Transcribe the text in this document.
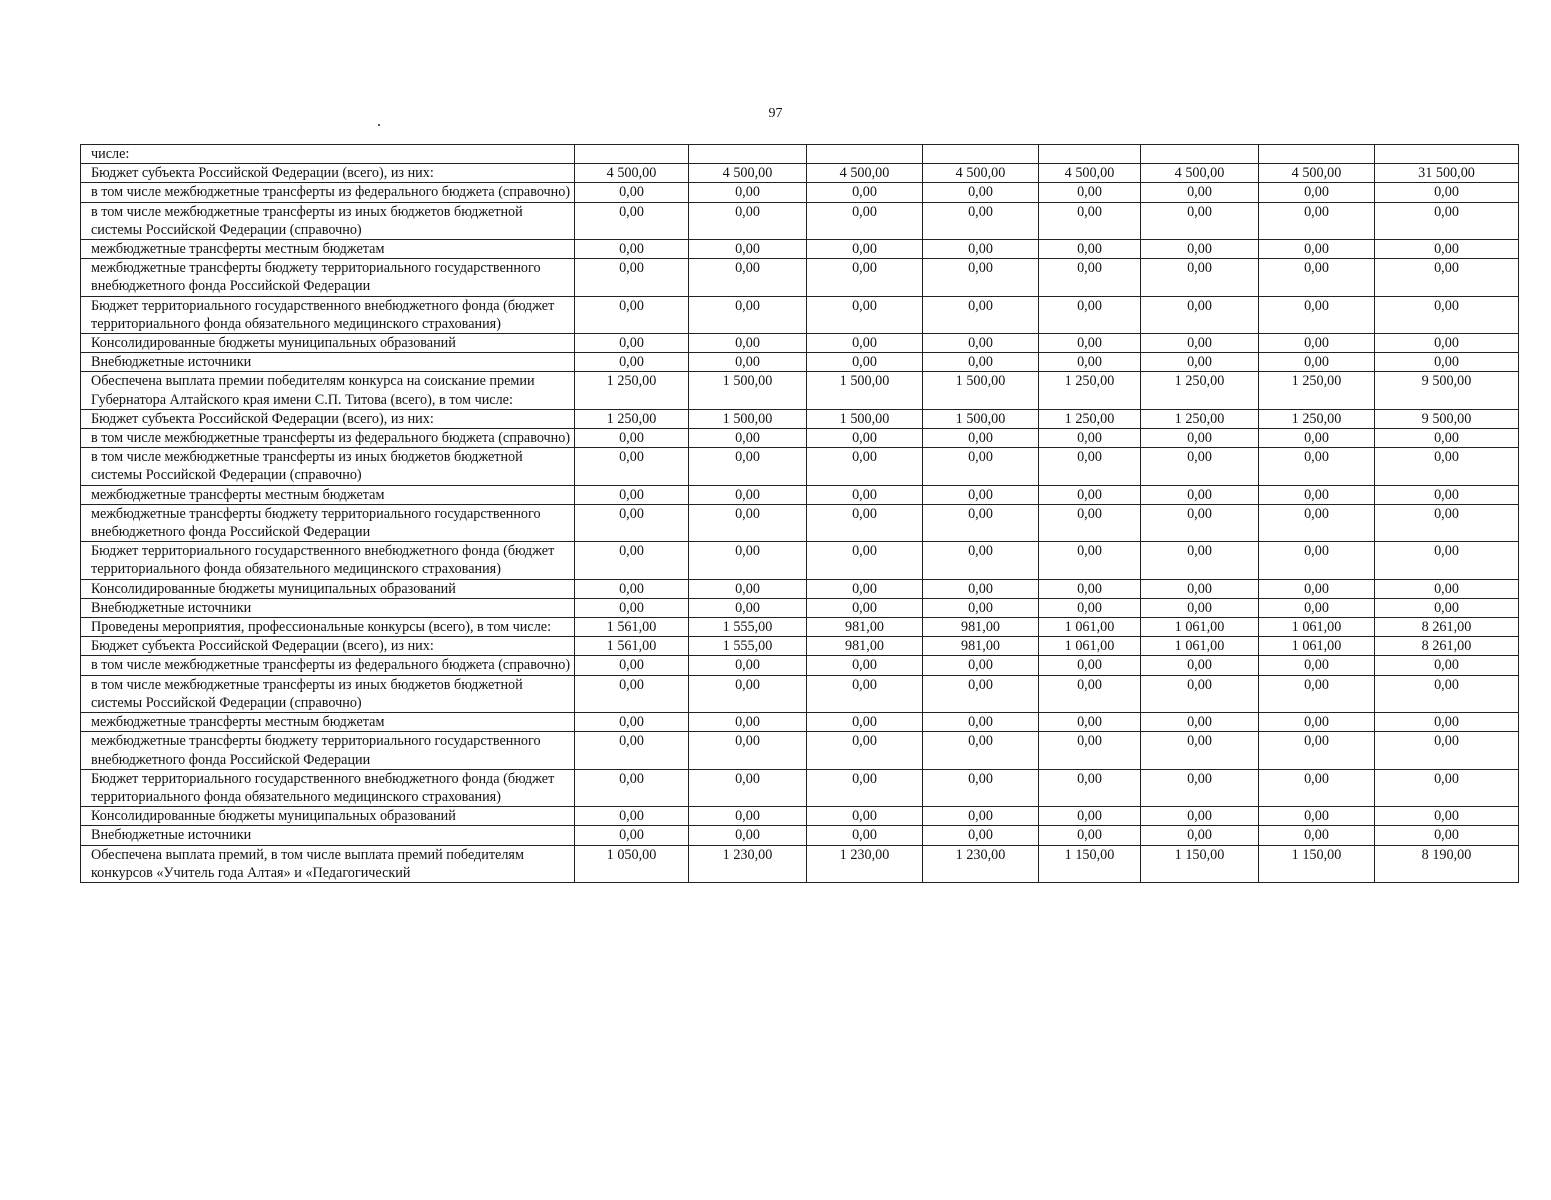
97
числе:								
Бюджет субъекта Российской Федерации (всего), из них:	4 500,00	4 500,00	4 500,00	4 500,00	4 500,00	4 500,00	4 500,00	31 500,00
в том числе межбюджетные трансферты из федерального бюджета (справочно)	0,00	0,00	0,00	0,00	0,00	0,00	0,00	0,00
в том числе межбюджетные трансферты из иных бюджетов бюджетной системы Российской Федерации (справочно)	0,00	0,00	0,00	0,00	0,00	0,00	0,00	0,00
межбюджетные трансферты местным бюджетам	0,00	0,00	0,00	0,00	0,00	0,00	0,00	0,00
межбюджетные трансферты бюджету территориального государственного внебюджетного фонда Российской Федерации	0,00	0,00	0,00	0,00	0,00	0,00	0,00	0,00
Бюджет территориального государственного внебюджетного фонда (бюджет территориального фонда обязательного медицинского страхования)	0,00	0,00	0,00	0,00	0,00	0,00	0,00	0,00
Консолидированные бюджеты муниципальных образований	0,00	0,00	0,00	0,00	0,00	0,00	0,00	0,00
Внебюджетные источники	0,00	0,00	0,00	0,00	0,00	0,00	0,00	0,00
Обеспечена выплата премии победителям конкурса на соискание премии Губернатора Алтайского края имени С.П. Титова (всего), в том числе:	1 250,00	1 500,00	1 500,00	1 500,00	1 250,00	1 250,00	1 250,00	9 500,00
Бюджет субъекта Российской Федерации (всего), из них:	1 250,00	1 500,00	1 500,00	1 500,00	1 250,00	1 250,00	1 250,00	9 500,00
в том числе межбюджетные трансферты из федерального бюджета (справочно)	0,00	0,00	0,00	0,00	0,00	0,00	0,00	0,00
в том числе межбюджетные трансферты из иных бюджетов бюджетной системы Российской Федерации (справочно)	0,00	0,00	0,00	0,00	0,00	0,00	0,00	0,00
межбюджетные трансферты местным бюджетам	0,00	0,00	0,00	0,00	0,00	0,00	0,00	0,00
межбюджетные трансферты бюджету территориального государственного внебюджетного фонда Российской Федерации	0,00	0,00	0,00	0,00	0,00	0,00	0,00	0,00
Бюджет территориального государственного внебюджетного фонда (бюджет территориального фонда обязательного медицинского страхования)	0,00	0,00	0,00	0,00	0,00	0,00	0,00	0,00
Консолидированные бюджеты муниципальных образований	0,00	0,00	0,00	0,00	0,00	0,00	0,00	0,00
Внебюджетные источники	0,00	0,00	0,00	0,00	0,00	0,00	0,00	0,00
Проведены мероприятия, профессиональные конкурсы (всего), в том числе:	1 561,00	1 555,00	981,00	981,00	1 061,00	1 061,00	1 061,00	8 261,00
Бюджет субъекта Российской Федерации (всего), из них:	1 561,00	1 555,00	981,00	981,00	1 061,00	1 061,00	1 061,00	8 261,00
в том числе межбюджетные трансферты из федерального бюджета (справочно)	0,00	0,00	0,00	0,00	0,00	0,00	0,00	0,00
в том числе межбюджетные трансферты из иных бюджетов бюджетной системы Российской Федерации (справочно)	0,00	0,00	0,00	0,00	0,00	0,00	0,00	0,00
межбюджетные трансферты местным бюджетам	0,00	0,00	0,00	0,00	0,00	0,00	0,00	0,00
межбюджетные трансферты бюджету территориального государственного внебюджетного фонда Российской Федерации	0,00	0,00	0,00	0,00	0,00	0,00	0,00	0,00
Бюджет территориального государственного внебюджетного фонда (бюджет территориального фонда обязательного медицинского страхования)	0,00	0,00	0,00	0,00	0,00	0,00	0,00	0,00
Консолидированные бюджеты муниципальных образований	0,00	0,00	0,00	0,00	0,00	0,00	0,00	0,00
Внебюджетные источники	0,00	0,00	0,00	0,00	0,00	0,00	0,00	0,00
Обеспечена выплата премий, в том числе выплата премий победителям конкурсов «Учитель года Алтая» и «Педагогический	1 050,00	1 230,00	1 230,00	1 230,00	1 150,00	1 150,00	1 150,00	8 190,00
